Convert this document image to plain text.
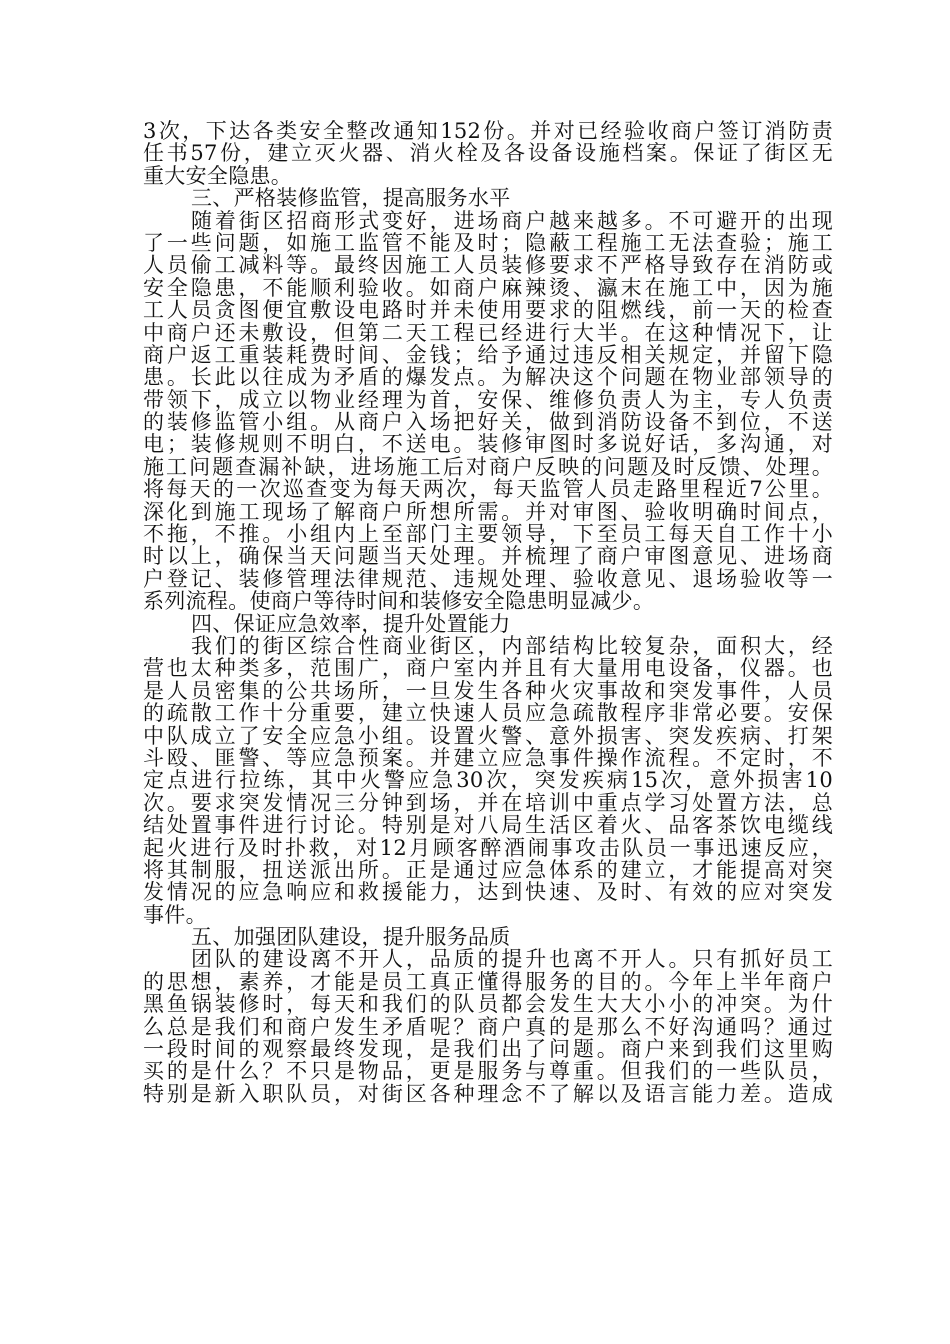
3次，下达各类安全整改通知152份。并对已经验收商户签订消防责
任书57份，建立灭火器、消火栓及各设备设施档案。保证了街区无
重大安全隐患。
三、严格装修监管，提高服务水平
随着街区招商形式变好，进场商户越来越多。不可避开的出现
了一些问题，如施工监管不能及时；隐蔽工程施工无法查验；施工
人员偷工减料等。最终因施工人员装修要求不严格导致存在消防或
安全隐患，不能顺利验收。如商户麻辣烫、瀛末在施工中，因为施
工人员贪图便宜敷设电路时并未使用要求的阻燃线，前一天的检查
中商户还未敷设，但第二天工程已经进行大半。在这种情况下，让
商户返工重装耗费时间、金钱；给予通过违反相关规定，并留下隐
患。长此以往成为矛盾的爆发点。为解决这个问题在物业部领导的
带领下，成立以物业经理为首，安保、维修负责人为主，专人负责
的装修监管小组。从商户入场把好关，做到消防设备不到位，不送
电；装修规则不明白，不送电。装修审图时多说好话，多沟通，对
施工问题查漏补缺，进场施工后对商户反映的问题及时反馈、处理。
将每天的一次巡查变为每天两次，每天监管人员走路里程近7公里。
深化到施工现场了解商户所想所需。并对审图、验收明确时间点，
不拖，不推。小组内上至部门主要领导，下至员工每天自工作十小
时以上，确保当天问题当天处理。并梳理了商户审图意见、进场商
户登记、装修管理法律规范、违规处理、验收意见、退场验收等一
系列流程。使商户等待时间和装修安全隐患明显减少。
四、保证应急效率，提升处置能力
我们的街区综合性商业街区，内部结构比较复杂，面积大，经
营也太种类多，范围广，商户室内并且有大量用电设备，仪器。也
是人员密集的公共场所，一旦发生各种火灾事故和突发事件，人员
的疏散工作十分重要，建立快速人员应急疏散程序非常必要。安保
中队成立了安全应急小组。设置火警、意外损害、突发疾病、打架
斗殴、匪警、等应急预案。并建立应急事件操作流程。不定时，不
定点进行拉练，其中火警应急30次，突发疾病15次，意外损害10
次。要求突发情况三分钟到场，并在培训中重点学习处置方法，总
结处置事件进行讨论。特别是对八局生活区着火、品客茶饮电缆线
起火进行及时扑救，对12月顾客醉酒闹事攻击队员一事迅速反应，
将其制服，扭送派出所。正是通过应急体系的建立，才能提高对突
发情况的应急响应和救援能力，达到快速、及时、有效的应对突发
事件。
五、加强团队建设，提升服务品质
团队的建设离不开人，品质的提升也离不开人。只有抓好员工
的思想，素养，才能是员工真正懂得服务的目的。今年上半年商户
黑鱼锅装修时，每天和我们的队员都会发生大大小小的冲突。为什
么总是我们和商户发生矛盾呢？商户真的是那么不好沟通吗？通过
一段时间的观察最终发现，是我们出了问题。商户来到我们这里购
买的是什么？不只是物品，更是服务与尊重。但我们的一些队员，
特别是新入职队员，对街区各种理念不了解以及语言能力差。造成
